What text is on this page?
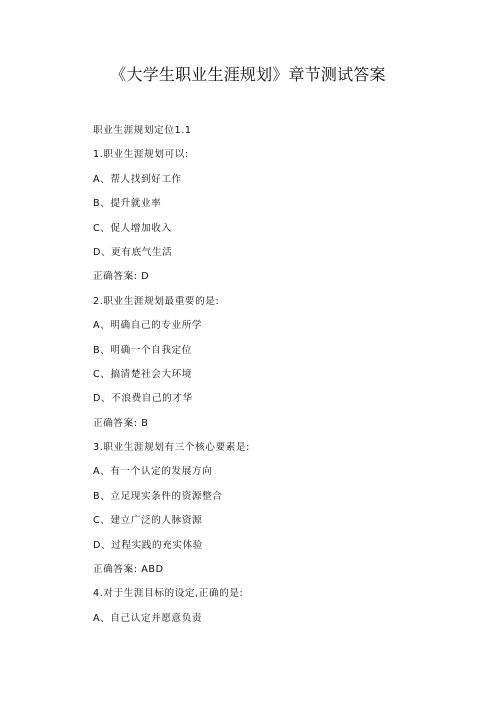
《大学生职业生涯规划》章节测试答案
职业生涯规划定位1.1
1.职业生涯规划可以:
A、帮人找到好工作
B、提升就业率
C、促人增加收入
D、更有底气生活
正确答案: D
2.职业生涯规划最重要的是:
A、明确自己的专业所学
B、明确一个自我定位
C、搞清楚社会大环境
D、不浪费自己的才华
正确答案: B
3.职业生涯规划有三个核心要素是:
A、有一个认定的发展方向
B、立足现实条件的资源整合
C、建立广泛的人脉资源
D、过程实践的充实体验
正确答案: ABD
4.对于生涯目标的设定,正确的是:
A、自己认定并愿意负责
